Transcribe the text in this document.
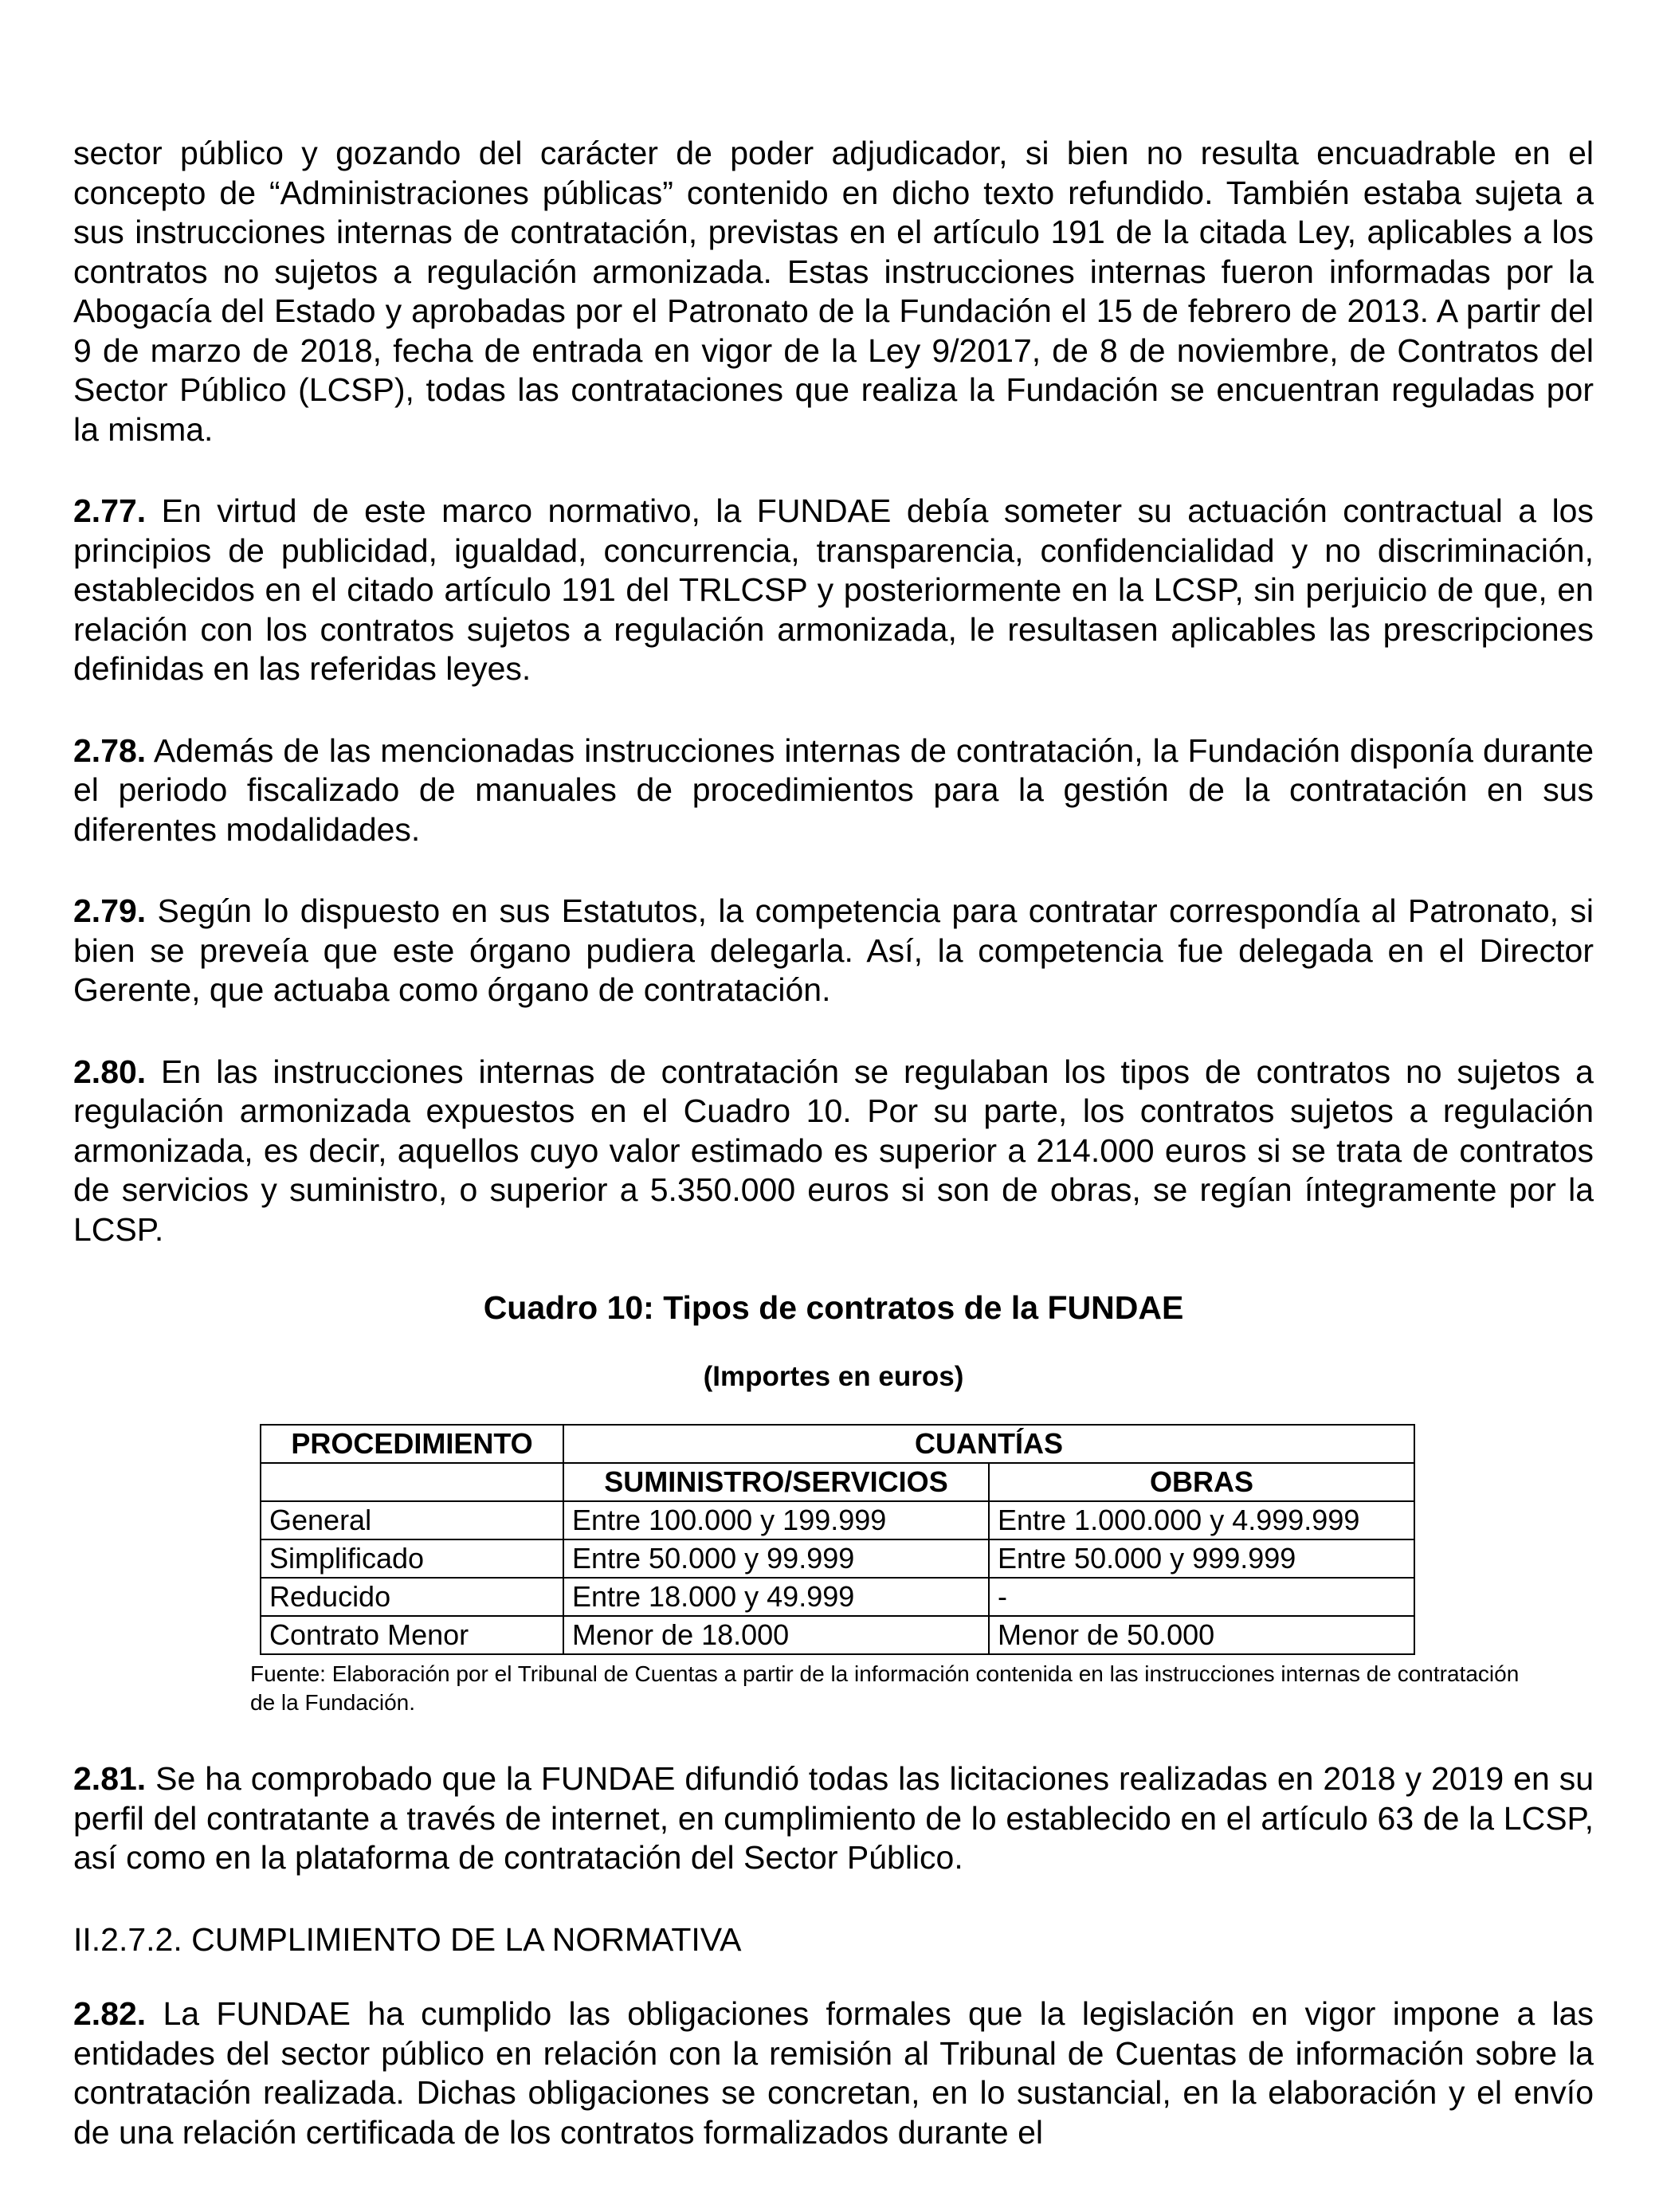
sector público y gozando del carácter de poder adjudicador, si bien no resulta encuadrable en el concepto de “Administraciones públicas” contenido en dicho texto refundido. También estaba sujeta a sus instrucciones internas de contratación, previstas en el artículo 191 de la citada Ley, aplicables a los contratos no sujetos a regulación armonizada. Estas instrucciones internas fueron informadas por la Abogacía del Estado y aprobadas por el Patronato de la Fundación el 15 de febrero de 2013. A partir del 9 de marzo de 2018, fecha de entrada en vigor de la Ley 9/2017, de 8 de noviembre, de Contratos del Sector Público (LCSP), todas las contrataciones que realiza la Fundación se encuentran reguladas por la misma.

2.77. En virtud de este marco normativo, la FUNDAE debía someter su actuación contractual a los principios de publicidad, igualdad, concurrencia, transparencia, confidencialidad y no discriminación, establecidos en el citado artículo 191 del TRLCSP y posteriormente en la LCSP, sin perjuicio de que, en relación con los contratos sujetos a regulación armonizada, le resultasen aplicables las prescripciones definidas en las referidas leyes.

2.78. Además de las mencionadas instrucciones internas de contratación, la Fundación disponía durante el periodo fiscalizado de manuales de procedimientos para la gestión de la contratación en sus diferentes modalidades.

2.79. Según lo dispuesto en sus Estatutos, la competencia para contratar correspondía al Patronato, si bien se preveía que este órgano pudiera delegarla. Así, la competencia fue delegada en el Director Gerente, que actuaba como órgano de contratación.

2.80. En las instrucciones internas de contratación se regulaban los tipos de contratos no sujetos a regulación armonizada expuestos en el Cuadro 10. Por su parte, los contratos sujetos a regulación armonizada, es decir, aquellos cuyo valor estimado es superior a 214.000 euros si se trata de contratos de servicios y suministro, o superior a 5.350.000 euros si son de obras, se regían íntegramente por la LCSP.

Cuadro 10: Tipos de contratos de la FUNDAE
(Importes en euros)
PROCEDIMIENTO	CUANTÍAS	
	SUMINISTRO/SERVICIOS	OBRAS
General	Entre 100.000 y 199.999	Entre 1.000.000 y 4.999.999
Simplificado	Entre 50.000 y 99.999	Entre 50.000 y 999.999
Reducido	Entre 18.000 y 49.999	-
Contrato Menor	Menor de 18.000	Menor de 50.000
Fuente: Elaboración por el Tribunal de Cuentas a partir de la información contenida en las instrucciones internas de contratación de la Fundación.

2.81. Se ha comprobado que la FUNDAE difundió todas las licitaciones realizadas en 2018 y 2019 en su perfil del contratante a través de internet, en cumplimiento de lo establecido en el artículo 63 de la LCSP, así como en la plataforma de contratación del Sector Público.

II.2.7.2. CUMPLIMIENTO DE LA NORMATIVA

2.82. La FUNDAE ha cumplido las obligaciones formales que la legislación en vigor impone a las entidades del sector público en relación con la remisión al Tribunal de Cuentas de información sobre la contratación realizada. Dichas obligaciones se concretan, en lo sustancial, en la elaboración y el envío de una relación certificada de los contratos formalizados durante el
